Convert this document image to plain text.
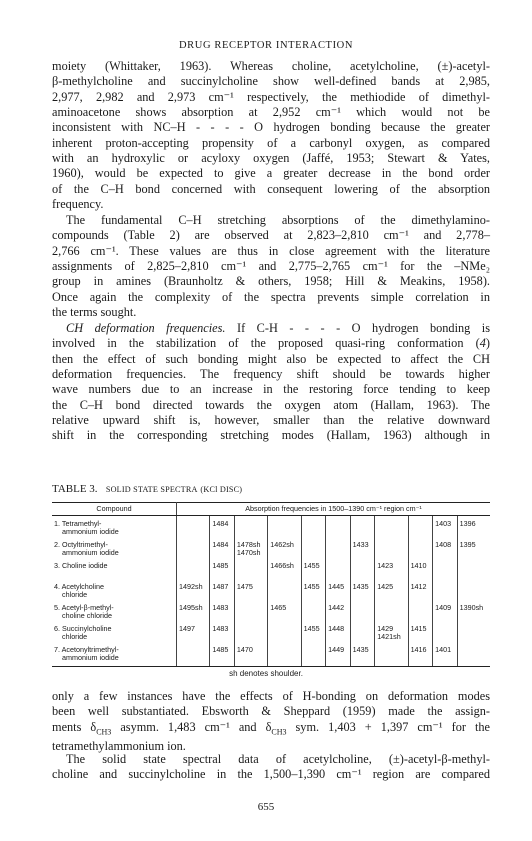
DRUG RECEPTOR INTERACTION
moiety (Whittaker, 1963). Whereas choline, acetylcholine, (±)-acetyl-
β-methylcholine and succinylcholine show well-defined bands at 2,985,
2,977, 2,982 and 2,973 cm⁻¹ respectively, the methiodide of dimethyl-
aminoacetone shows absorption at 2,952 cm⁻¹ which would not be
inconsistent with NC–H - - - - O hydrogen bonding because the greater
inherent proton-accepting propensity of a carbonyl oxygen, as compared
with an hydroxylic or acyloxy oxygen (Jaffé, 1953; Stewart & Yates,
1960), would be expected to give a greater decrease in the bond order
of the C–H bond concerned with consequent lowering of the absorption
frequency.
The fundamental C–H stretching absorptions of the dimethylamino-
compounds (Table 2) are observed at 2,823–2,810 cm⁻¹ and 2,778–
2,766 cm⁻¹. These values are thus in close agreement with the literature
assignments of 2,825–2,810 cm⁻¹ and 2,775–2,765 cm⁻¹ for the –NMe₂
group in amines (Braunholtz & others, 1958; Hill & Meakins, 1958).
Once again the complexity of the spectra prevents simple correlation in
the terms sought.
CH deformation frequencies. If C-H - - - - O hydrogen bonding is
involved in the stabilization of the proposed quasi-ring conformation (4)
then the effect of such bonding might also be expected to affect the CH
deformation frequencies. The frequency shift should be towards higher
wave numbers due to an increase in the restoring force tending to keep
the C–H bond directed towards the oxygen atom (Hallam, 1963). The
relative upward shift is, however, smaller than the relative downward
shift in the corresponding stretching modes (Hallam, 1963) although in
TABLE 3. SOLID STATE SPECTRA (KCl DISC)
Compound	Absorption frequencies in 1500–1390 cm⁻¹ region cm⁻¹										

1. Tetramethyl-
ammonium iodide		1484								1403	1396
2. Octyltrimethyl-
ammonium iodide		1484	1478sh
1470sh	1462sh			1433			1408	1395
3. Choline iodide		1485		1466sh	1455			1423	1410		
4. Acetylcholine
chloride	1492sh	1487	1475		1455	1445	1435	1425	1412		
5. Acetyl-β-methyl-
choline chloride	1495sh	1483		1465		1442				1409	1390sh
6. Succinylcholine
chloride	1497	1483			1455	1448		1429
1421sh	1415		
7. Acetonyltrimethyl-
ammonium iodide		1485	1470			1449	1435		1416	1401	
sh denotes shoulder.
only a few instances have the effects of H-bonding on deformation modes
been well substantiated. Ebsworth & Sheppard (1959) made the assign-
ments $\delta_{CH3}$ asymm. 1,483 cm⁻¹ and $\delta_{CH3}$ sym. 1,403 + 1,397 cm⁻¹ for the
tetramethylammonium ion.
The solid state spectral data of acetylcholine, (±)-acetyl-β-methyl-
choline and succinylcholine in the 1,500–1,390 cm⁻¹ region are compared
655
